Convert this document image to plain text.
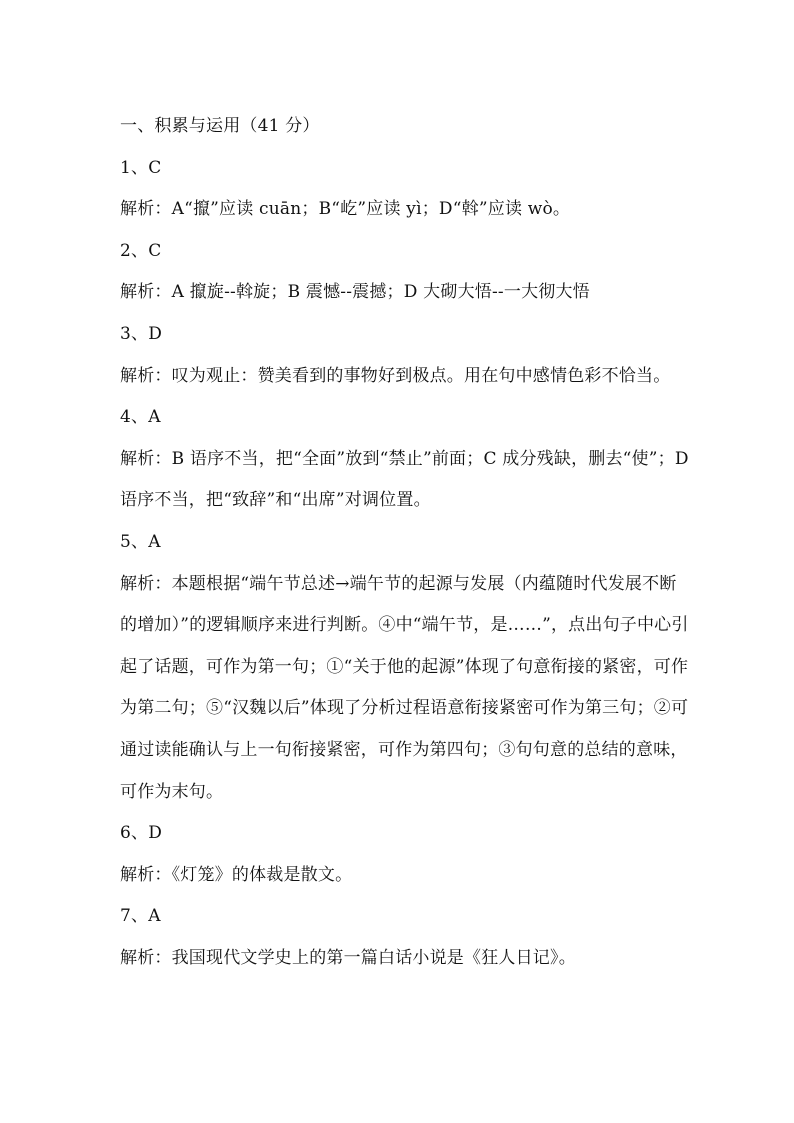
一、积累与运用（41 分）
1、C
解析：A“攛”应读 cuān；B“屹”应读 yì；D“斡”应读 wò。
2、C
解析：A 攛旋--斡旋；B 震憾--震撼；D 大砌大悟--一大彻大悟
3、D
解析：叹为观止：赞美看到的事物好到极点。用在句中感情色彩不恰当。
4、A
解析：B 语序不当，把“全面”放到“禁止”前面；C 成分残缺，删去“使”；D 语序不当，把“致辞”和“出席”对调位置。
5、A
解析：本题根据“端午节总述→端午节的起源与发展（内蕴随时代发展不断的增加）”的逻辑顺序来进行判断。④中“端午节，是……”，点出句子中心引起了话题，可作为第一句；①“关于他的起源”体现了句意衔接的紧密，可作为第二句；⑤“汉魏以后”体现了分析过程语意衔接紧密可作为第三句；②可通过读能确认与上一句衔接紧密，可作为第四句；③句句意的总结的意味，可作为末句。
6、D
解析：《灯笼》的体裁是散文。
7、A
解析：我国现代文学史上的第一篇白话小说是《狂人日记》。
